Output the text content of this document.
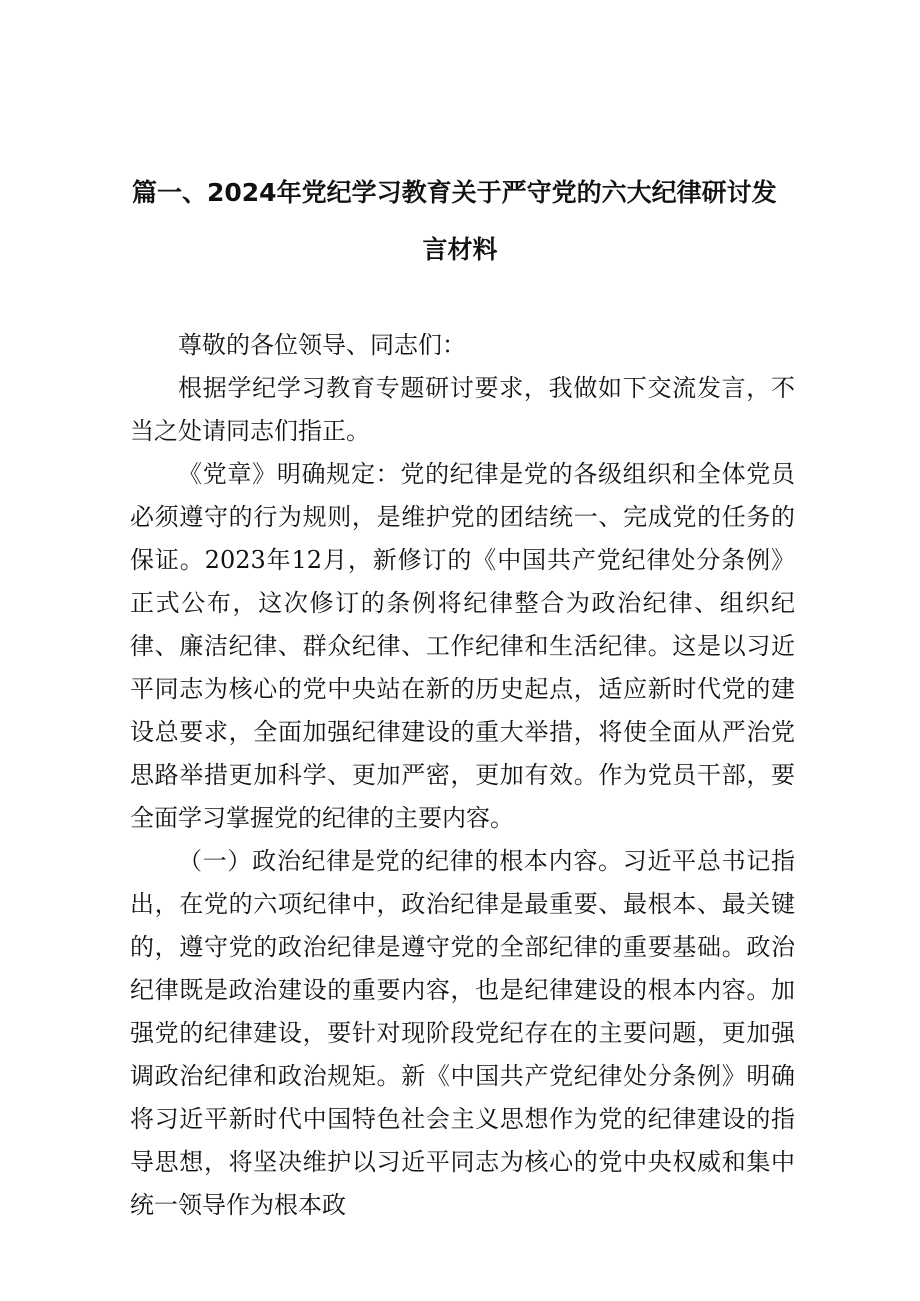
篇一、2024年党纪学习教育关于严守党的六大纪律研讨发
言材料

尊敬的各位领导、同志们：

根据学纪学习教育专题研讨要求，我做如下交流发言，不当之处请同志们指正。

《党章》明确规定：党的纪律是党的各级组织和全体党员必须遵守的行为规则，是维护党的团结统一、完成党的任务的保证。2023年12月，新修订的《中国共产党纪律处分条例》正式公布，这次修订的条例将纪律整合为政治纪律、组织纪律、廉洁纪律、群众纪律、工作纪律和生活纪律。这是以习近平同志为核心的党中央站在新的历史起点，适应新时代党的建设总要求，全面加强纪律建设的重大举措，将使全面从严治党思路举措更加科学、更加严密，更加有效。作为党员干部，要全面学习掌握党的纪律的主要内容。

（一）政治纪律是党的纪律的根本内容。习近平总书记指出，在党的六项纪律中，政治纪律是最重要、最根本、最关键的，遵守党的政治纪律是遵守党的全部纪律的重要基础。政治纪律既是政治建设的重要内容，也是纪律建设的根本内容。加强党的纪律建设，要针对现阶段党纪存在的主要问题，更加强调政治纪律和政治规矩。新《中国共产党纪律处分条例》明确将习近平新时代中国特色社会主义思想作为党的纪律建设的指导思想，将坚决维护以习近平同志为核心的党中央权威和集中统一领导作为根本政
